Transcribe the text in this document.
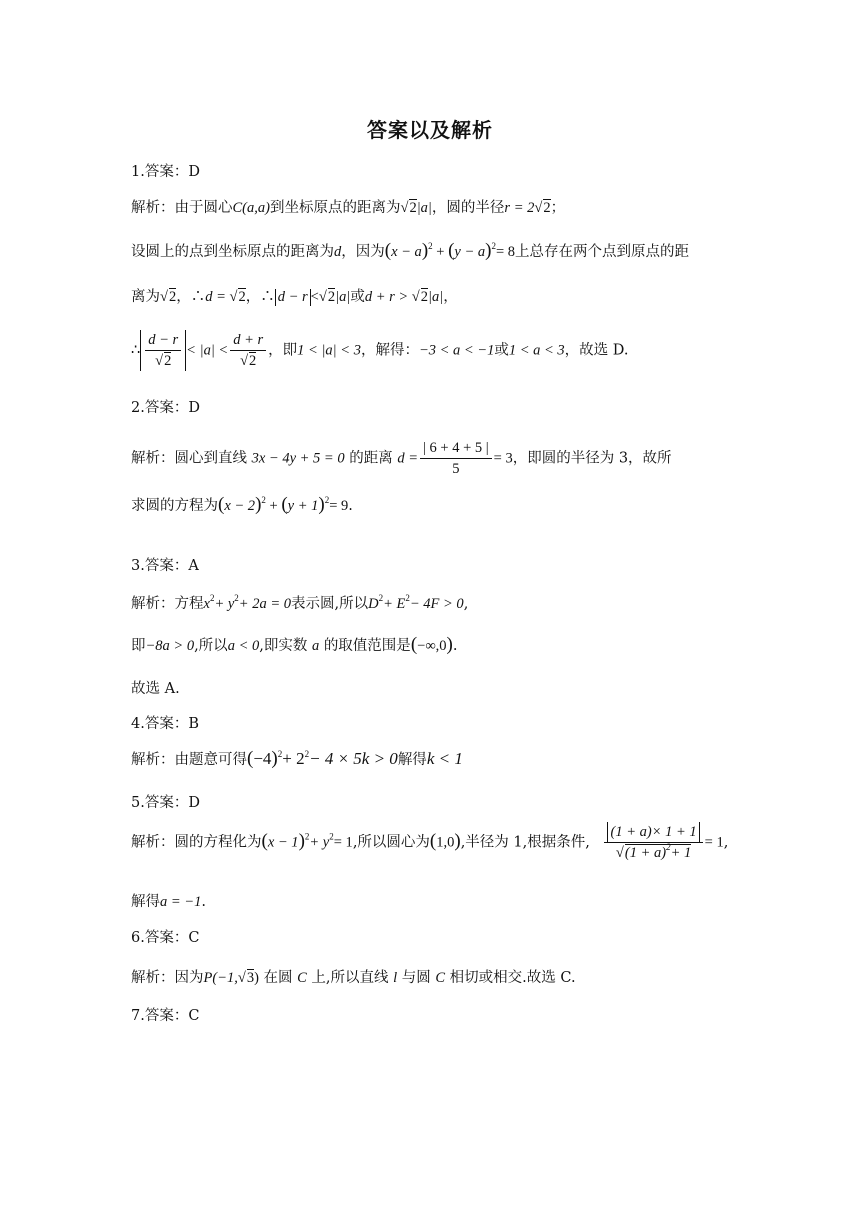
答案以及解析
1.答案：D
解析：由于圆心C(a,a)到坐标原点的距离为√2|a|，圆的半径r = 2√2；
设圆上的点到坐标原点的距离为d，因为$(x - a)^2 + (y - a)^2= 8$上总存在两个点到原点的距
离为√2，∴d = √2，∴ d − r <√2|a|或d + r > √2|a|，
∴ $\frac{d - r}{√2} < |a| < \frac{d + r}{√2}$ ，即1 < |a| < 3，解得：−3 < a < −1或1 < a < 3，故选 D.
2.答案：D
解析：圆心到直线 3x − 4y + 5 = 0 的距离 $d = \frac{| 6 + 4 + 5 |}{5} = 3$，即圆的半径为 3，故所
求圆的方程为$(x - 2)^2 + (y + 1)^2= 9$.
3.答案：A
解析：方程$x^2+ y^2+ 2a = 0$表示圆,所以$D^2+ E^2- 4F > 0$,
即−8a > 0,所以a < 0,即实数 a 的取值范围是(−∞,0).
故选 A.
4.答案：B
解析：由题意可得$(-4)^2+ 2^2- 4 \times 5k > 0$解得k < 1
5.答案：D
解析：圆的方程化为$(x - 1)^2+ y^2= 1$,所以圆心为(1,0),半径为 1,根据条件, $\frac{(1 + a)\times 1 + 1}{√(1 + a)^2+ 1} = 1$,
解得a = −1.
6.答案：C
解析：因为P(−1,√3) 在圆 C 上,所以直线 l 与圆 C 相切或相交.故选 C.
7.答案：C
